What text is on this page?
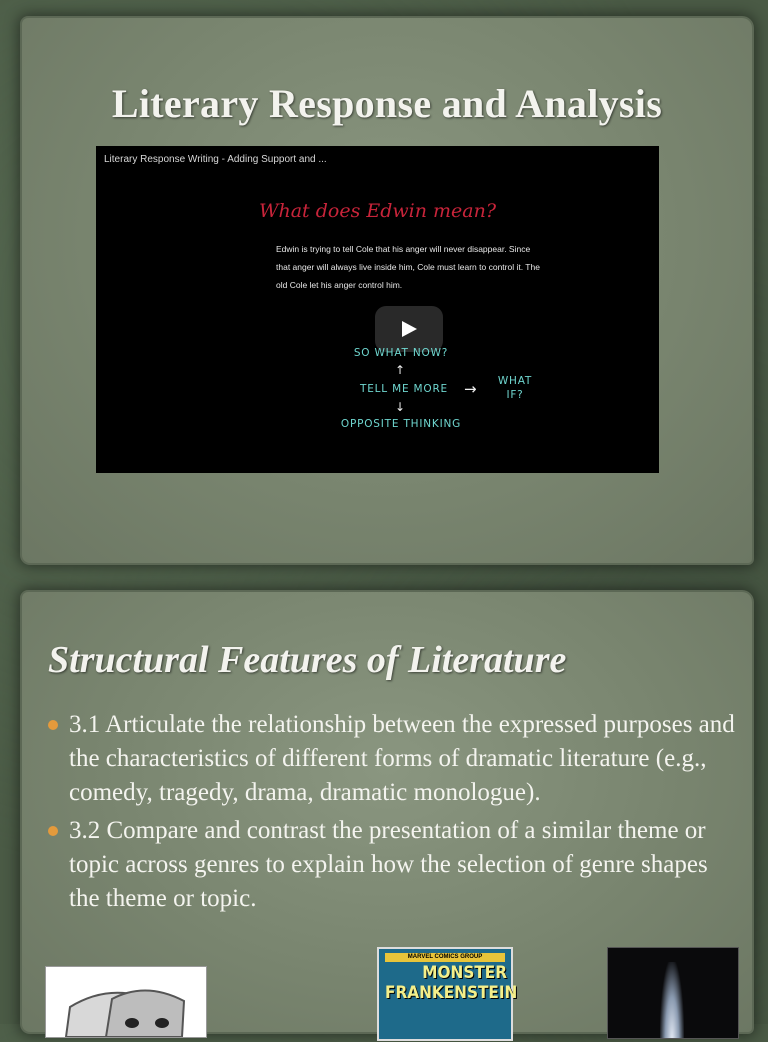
Literary Response and Analysis
Literary Response Writing - Adding Support and ...
What does Edwin mean?
Edwin is trying to tell Cole that his anger will never disappear. Since that anger will always live inside him, Cole must learn to control it. The old Cole let his anger control him.
SO WHAT NOW?
↑
TELL ME MORE	→	WHAT
IF?
↓
OPPOSITE THINKING
Structural Features of Literature
3.1 Articulate the relationship between the expressed purposes and the characteristics of different forms of dramatic literature (e.g., comedy, tragedy, drama, dramatic monologue).
3.2 Compare and contrast the presentation of a similar theme or topic across genres to explain how the selection of genre shapes the theme or topic.
MARVEL COMICS GROUP
MONSTER
FRANKENSTEIN
